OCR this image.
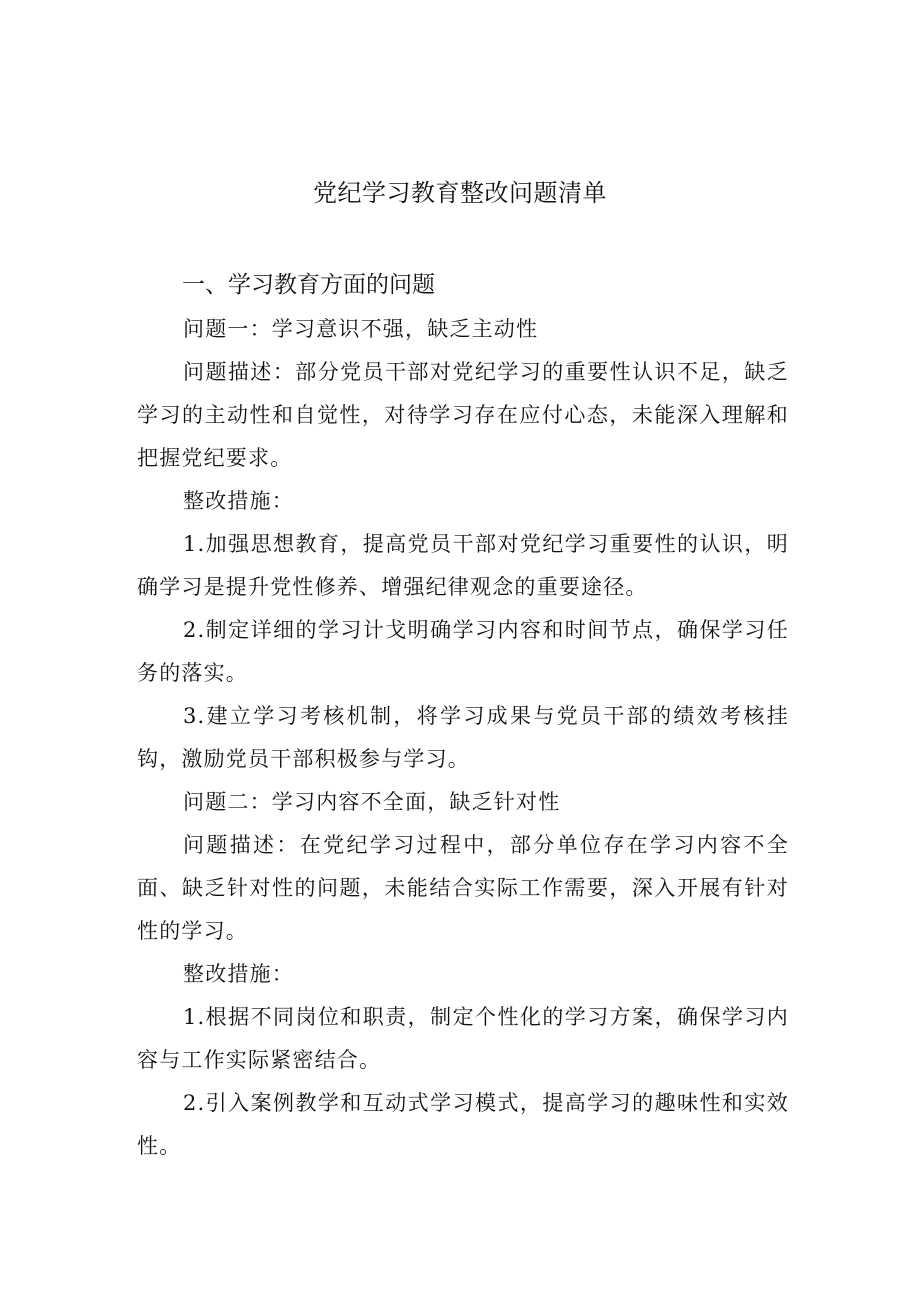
党纪学习教育整改问题清单
一、学习教育方面的问题

问题一：学习意识不强，缺乏主动性

问题描述：部分党员干部对党纪学习的重要性认识不足，缺乏学习的主动性和自觉性，对待学习存在应付心态，未能深入理解和把握党纪要求。

整改措施：

1.加强思想教育，提高党员干部对党纪学习重要性的认识，明确学习是提升党性修养、增强纪律观念的重要途径。

2.制定详细的学习计戈明确学习内容和时间节点，确保学习任务的落实。

3.建立学习考核机制，将学习成果与党员干部的绩效考核挂钩，激励党员干部积极参与学习。

问题二：学习内容不全面，缺乏针对性

问题描述：在党纪学习过程中，部分单位存在学习内容不全面、缺乏针对性的问题，未能结合实际工作需要，深入开展有针对性的学习。

整改措施：

1.根据不同岗位和职责，制定个性化的学习方案，确保学习内容与工作实际紧密结合。

2.引入案例教学和互动式学习模式，提高学习的趣味性和实效性。
